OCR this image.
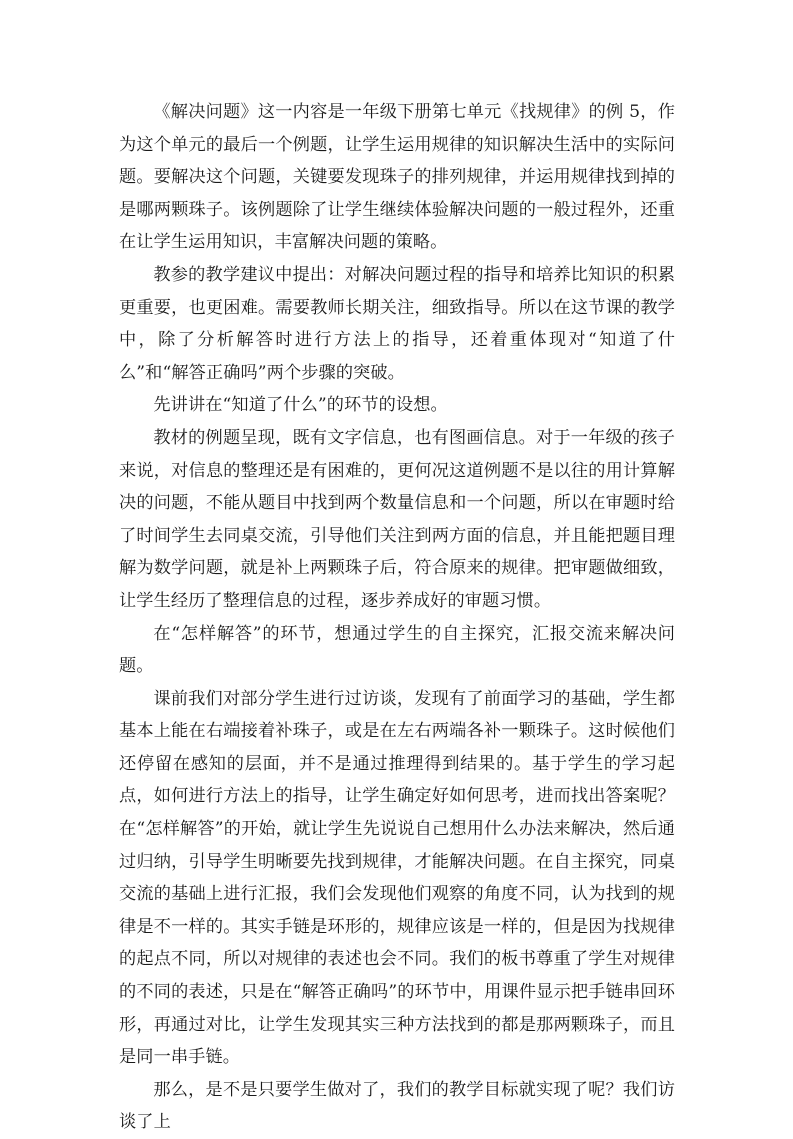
《解决问题》这一内容是一年级下册第七单元《找规律》的例 5，作为这个单元的最后一个例题，让学生运用规律的知识解决生活中的实际问题。要解决这个问题，关键要发现珠子的排列规律，并运用规律找到掉的是哪两颗珠子。该例题除了让学生继续体验解决问题的一般过程外，还重在让学生运用知识，丰富解决问题的策略。

教参的教学建议中提出：对解决问题过程的指导和培养比知识的积累更重要，也更困难。需要教师长期关注，细致指导。所以在这节课的教学中，除了分析解答时进行方法上的指导，还着重体现对“知道了什么”和“解答正确吗”两个步骤的突破。

先讲讲在“知道了什么”的环节的设想。

教材的例题呈现，既有文字信息，也有图画信息。对于一年级的孩子来说，对信息的整理还是有困难的，更何况这道例题不是以往的用计算解决的问题，不能从题目中找到两个数量信息和一个问题，所以在审题时给了时间学生去同桌交流，引导他们关注到两方面的信息，并且能把题目理解为数学问题，就是补上两颗珠子后，符合原来的规律。把审题做细致，让学生经历了整理信息的过程，逐步养成好的审题习惯。

在“怎样解答”的环节，想通过学生的自主探究，汇报交流来解决问题。

课前我们对部分学生进行过访谈，发现有了前面学习的基础，学生都基本上能在右端接着补珠子，或是在左右两端各补一颗珠子。这时候他们还停留在感知的层面，并不是通过推理得到结果的。基于学生的学习起点，如何进行方法上的指导，让学生确定好如何思考，进而找出答案呢？在“怎样解答”的开始，就让学生先说说自己想用什么办法来解决，然后通过归纳，引导学生明晰要先找到规律，才能解决问题。在自主探究，同桌交流的基础上进行汇报，我们会发现他们观察的角度不同，认为找到的规律是不一样的。其实手链是环形的，规律应该是一样的，但是因为找规律的起点不同，所以对规律的表述也会不同。我们的板书尊重了学生对规律的不同的表述，只是在“解答正确吗”的环节中，用课件显示把手链串回环形，再通过对比，让学生发现其实三种方法找到的都是那两颗珠子，而且是同一串手链。

那么，是不是只要学生做对了，我们的教学目标就实现了呢？我们访谈了上
